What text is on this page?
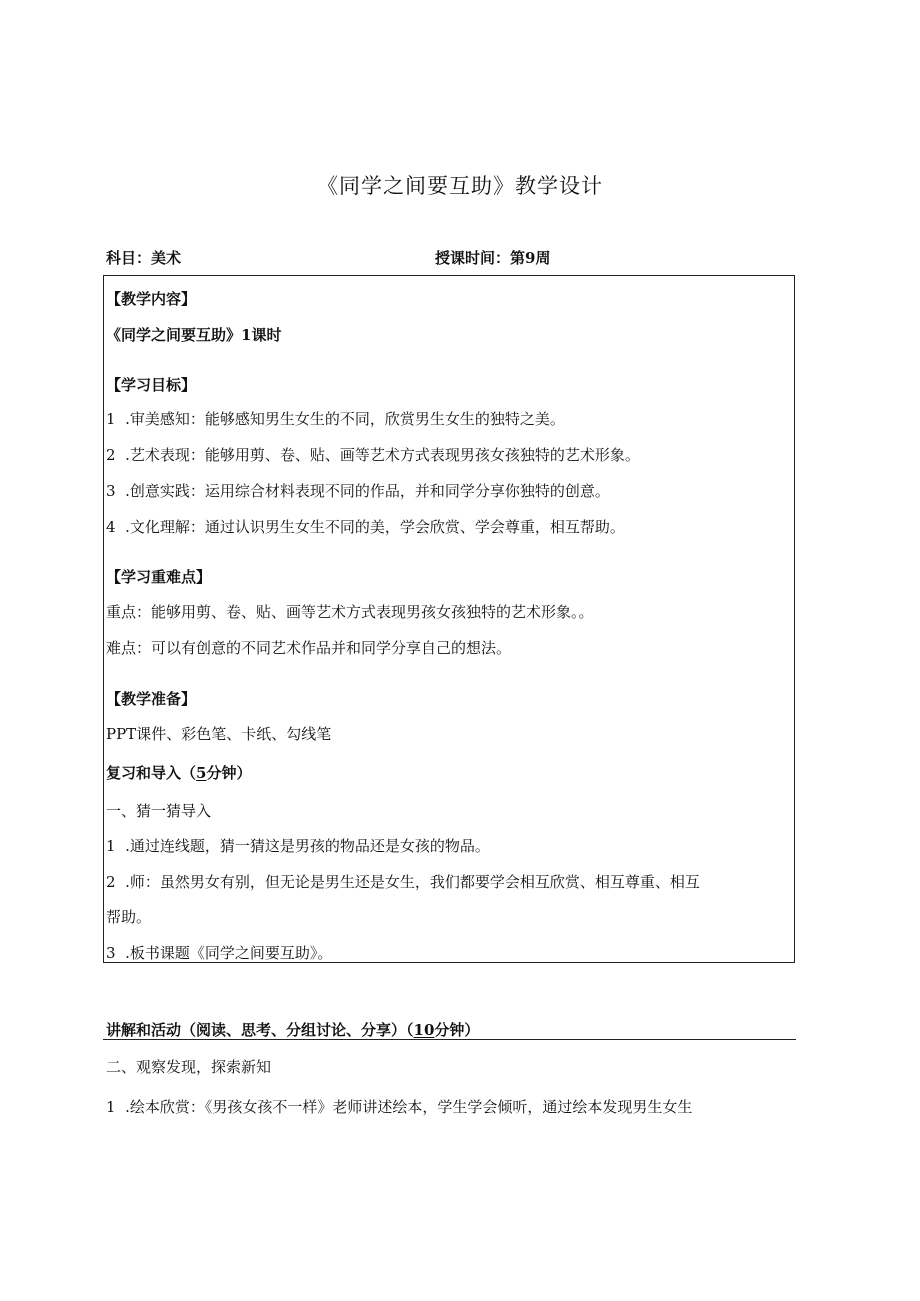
《同学之间要互助》教学设计
科目：美术	授课时间：第9周
【教学内容】
《同学之间要互助》1课时
【学习目标】
1  .审美感知：能够感知男生女生的不同，欣赏男生女生的独特之美。
2  .艺术表现：能够用剪、卷、贴、画等艺术方式表现男孩女孩独特的艺术形象。
3  .创意实践：运用综合材料表现不同的作品，并和同学分享你独特的创意。
4  .文化理解：通过认识男生女生不同的美，学会欣赏、学会尊重，相互帮助。
【学习重难点】
重点：能够用剪、卷、贴、画等艺术方式表现男孩女孩独特的艺术形象。。
难点：可以有创意的不同艺术作品并和同学分享自己的想法。
【教学准备】
PPT课件、彩色笔、卡纸、勾线笔
复习和导入（5分钟）
一、猜一猜导入
1  .通过连线题，猜一猜这是男孩的物品还是女孩的物品。
2  .师：虽然男女有别，但无论是男生还是女生，我们都要学会相互欣赏、相互尊重、相互
帮助。
3  .板书课题《同学之间要互助》。
讲解和活动（阅读、思考、分组讨论、分享）（10分钟）
二、观察发现，探索新知
1  .绘本欣赏：《男孩女孩不一样》老师讲述绘本，学生学会倾听，通过绘本发现男生女生
